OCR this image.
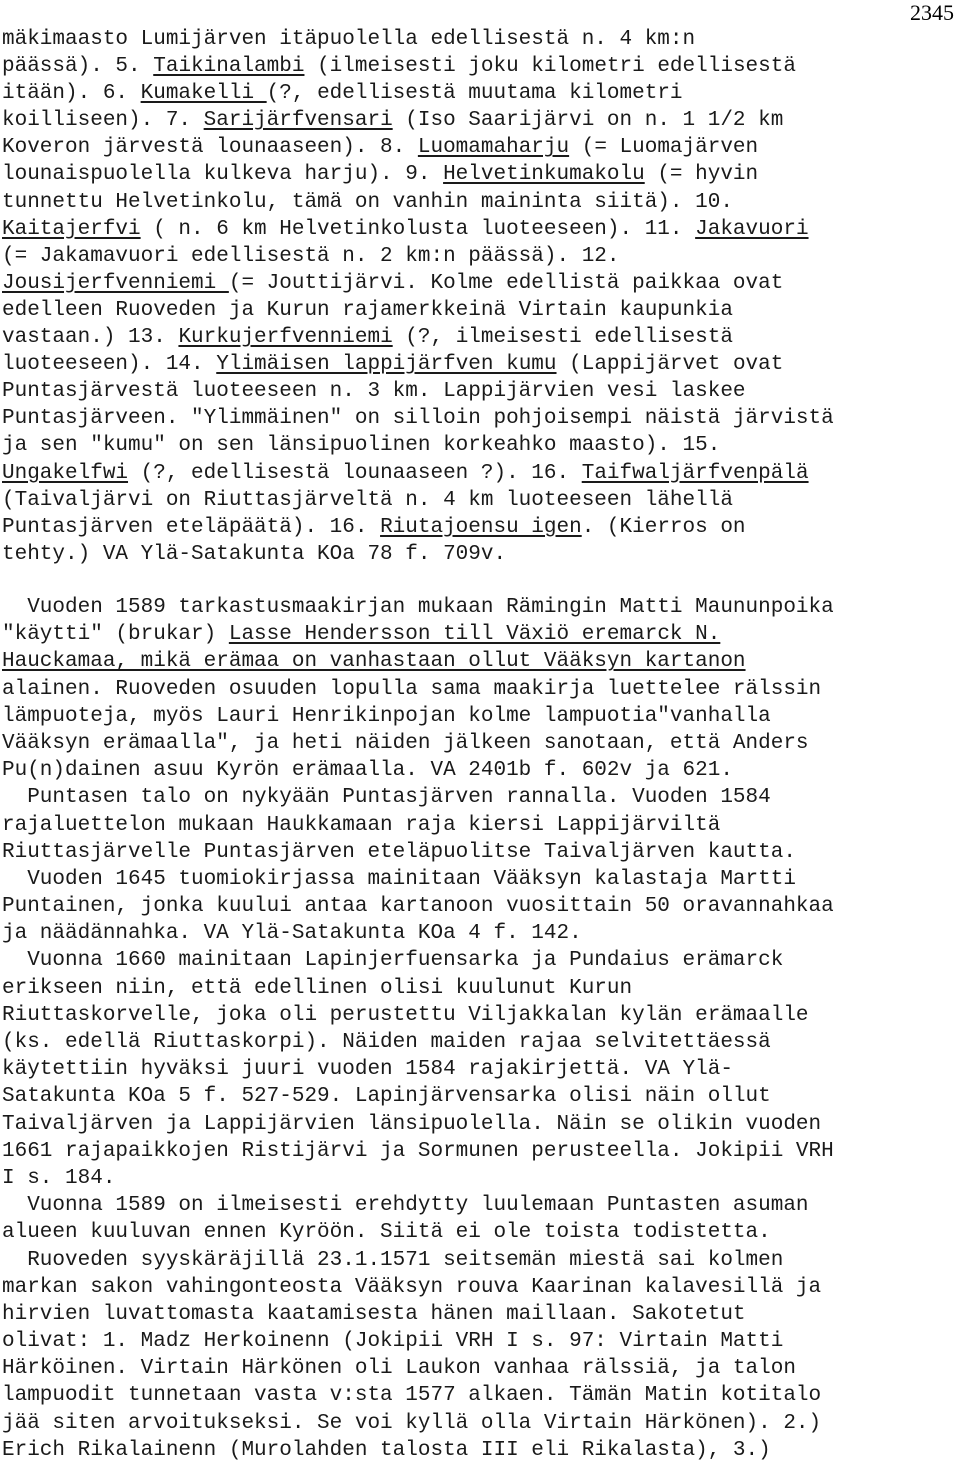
2345
mäkimaasto Lumijärven itäpuolella edellisestä n. 4 km:n
päässä). 5. Taikinalambi (ilmeisesti joku kilometri edellisestä
itään). 6. Kumakelli (?, edellisestä muutama kilometri
koilliseen). 7. Sarijärfvensari (Iso Saarijärvi on n. 1 1/2 km
Koveron järvestä lounaaseen). 8. Luomamaharju (= Luomajärven
lounaispuolella kulkeva harju). 9. Helvetinkumakolu (= hyvin
tunnettu Helvetinkolu, tämä on vanhin maininta siitä). 10.
Kaitajerfvi ( n. 6 km Helvetinkolusta luoteeseen). 11. Jakavuori
(= Jakamavuori edellisestä n. 2 km:n päässä). 12.
Jousijerfvenniemi (= Jouttijärvi. Kolme edellistä paikkaa ovat
edelleen Ruoveden ja Kurun rajamerkkeinä Virtain kaupunkia
vastaan.) 13. Kurkujerfvenniemi (?, ilmeisesti edellisestä
luoteeseen). 14. Ylimäisen lappijärfven kumu (Lappijärvet ovat
Puntasjärvestä luoteeseen n. 3 km. Lappijärvien vesi laskee
Puntasjärveen. "Ylimmäinen" on silloin pohjoisempi näistä järvistä
ja sen "kumu" on sen länsipuolinen korkeahko maasto). 15.
Ungakelfwi (?, edellisestä lounaaseen ?). 16. Taifwaljärfvenpälä
(Taivaljärvi on Riuttasjärveltä n. 4 km luoteeseen lähellä
Puntasjärven eteläpäätä). 16. Riutajoensu igen. (Kierros on
tehty.) VA Ylä-Satakunta KOa 78 f. 709v.
Vuoden 1589 tarkastusmaakirjan mukaan Rämingin Matti Maununpoika
"käytti" (brukar) Lasse Hendersson till Växiö eremarck N.
Hauckamaa, mikä erämaa on vanhastaan ollut Vääksyn kartanon
alainen. Ruoveden osuuden lopulla sama maakirja luettelee rälssin
lämpuoteja, myös Lauri Henrikinpojan kolme lampuotia"vanhalla
Vääksyn erämaalla", ja heti näiden jälkeen sanotaan, että Anders
Pu(n)dainen asuu Kyrön erämaalla. VA 2401b f. 602v ja 621.
Puntasen talo on nykyään Puntasjärven rannalla. Vuoden 1584
rajaluettelon mukaan Haukkamaan raja kiersi Lappijärviltä
Riuttasjärvelle Puntasjärven eteläpuolitse Taivaljärven kautta.
Vuoden 1645 tuomiokirjassa mainitaan Vääksyn kalastaja Martti
Puntainen, jonka kuului antaa kartanoon vuosittain 50 oravannahkaa
ja näädännahka. VA Ylä-Satakunta KOa 4 f. 142.
Vuonna 1660 mainitaan Lapinjerfuensarka ja Pundaius erämarck
erikseen niin, että edellinen olisi kuulunut Kurun
Riuttaskorvelle, joka oli perustettu Viljakkalan kylän erämaalle
(ks. edellä Riuttaskorpi). Näiden maiden rajaa selvitettäessä
käytettiin hyväksi juuri vuoden 1584 rajakirjettä. VA Ylä-
Satakunta KOa 5 f. 527-529. Lapinjärvensarka olisi näin ollut
Taivaljärven ja Lappijärvien länsipuolella. Näin se olikin vuoden
1661 rajapaikkojen Ristijärvi ja Sormunen perusteella. Jokipii VRH
I s. 184.
Vuonna 1589 on ilmeisesti erehdytty luulemaan Puntasten asuman
alueen kuuluvan ennen Kyröön. Siitä ei ole toista todistetta.
Ruoveden syyskäräjillä 23.1.1571 seitsemän miestä sai kolmen
markan sakon vahingonteosta Vääksyn rouva Kaarinan kalavesillä ja
hirvien luvattomasta kaatamisesta hänen maillaan. Sakotetut
olivat: 1. Madz Herkoinenn (Jokipii VRH I s. 97: Virtain Matti
Härköinen. Virtain Härkönen oli Laukon vanhaa rälssiä, ja talon
lampuodit tunnetaan vasta v:sta 1577 alkaen. Tämän Matin kotitalo
jää siten arvoitukseksi. Se voi kyllä olla Virtain Härkönen). 2.)
Erich Rikalainenn (Murolahden talosta III eli Rikalasta), 3.)
